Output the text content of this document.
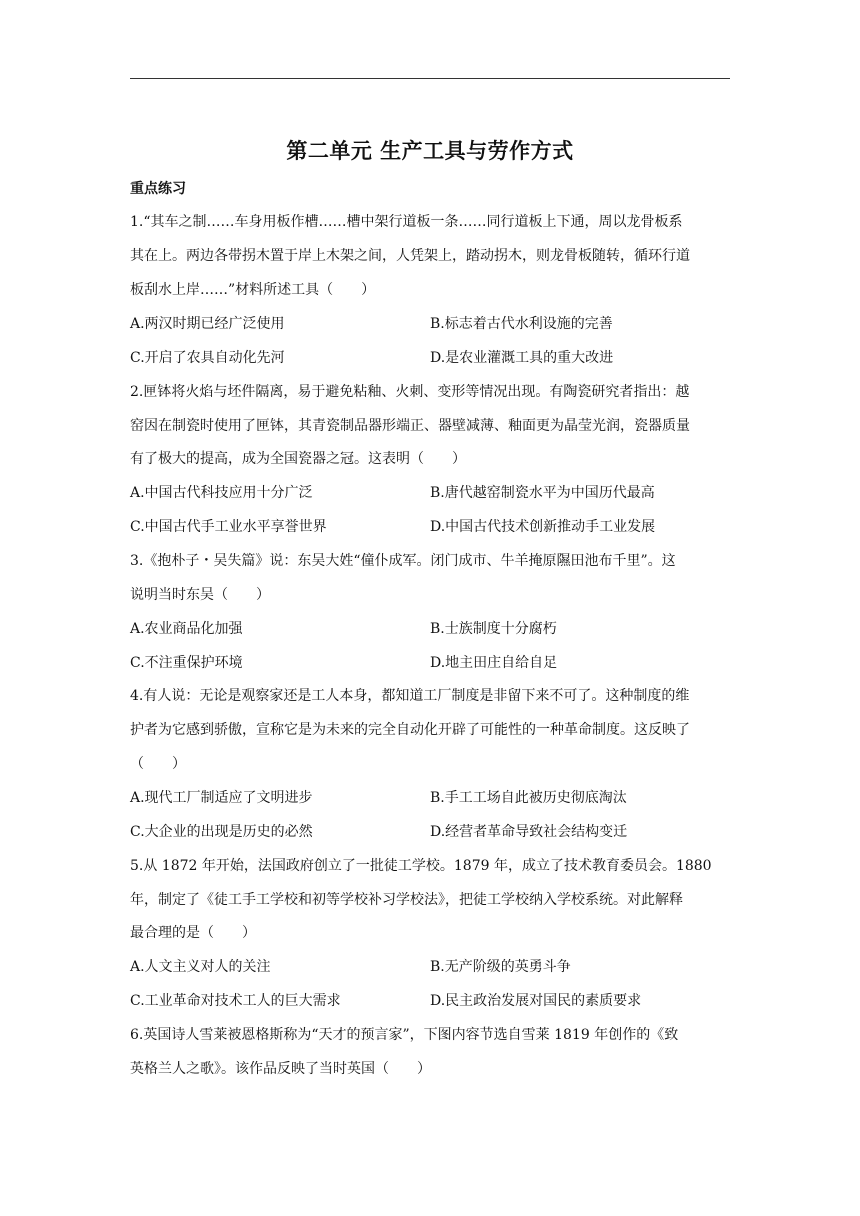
第二单元 生产工具与劳作方式
重点练习
1.“其车之制……车身用板作槽……槽中架行道板一条……同行道板上下通，周以龙骨板系
其在上。两边各带拐木置于岸上木架之间，人凭架上，踏动拐木，则龙骨板随转，循环行道
板刮水上岸……”材料所述工具（　　）
A.两汉时期已经广泛使用	B.标志着古代水利设施的完善
C.开启了农具自动化先河	D.是农业灌溉工具的重大改进
2.匣钵将火焰与坯件隔离，易于避免粘釉、火刺、变形等情况出现。有陶瓷研究者指出：越
窑因在制瓷时使用了匣钵，其青瓷制品器形端正、器壁减薄、釉面更为晶莹光润，瓷器质量
有了极大的提高，成为全国瓷器之冠。这表明（　　）
A.中国古代科技应用十分广泛	B.唐代越窑制瓷水平为中国历代最高
C.中国古代手工业水平享誉世界	D.中国古代技术创新推动手工业发展
3.《抱朴子・吴失篇》说：东吴大姓“僮仆成军。闭门成市、牛羊掩原隰田池布千里”。这
说明当时东吴（　　）
A.农业商品化加强	B.士族制度十分腐朽
C.不注重保护环境	D.地主田庄自给自足
4.有人说：无论是观察家还是工人本身，都知道工厂制度是非留下来不可了。这种制度的维
护者为它感到骄傲，宣称它是为未来的完全自动化开辟了可能性的一种革命制度。这反映了
（　　）
A.现代工厂制适应了文明进步	B.手工工场自此被历史彻底淘汰
C.大企业的出现是历史的必然	D.经营者革命导致社会结构变迁
5.从 1872 年开始，法国政府创立了一批徒工学校。1879 年，成立了技术教育委员会。1880
年，制定了《徒工手工学校和初等学校补习学校法》，把徒工学校纳入学校系统。对此解释
最合理的是（　　）
A.人文主义对人的关注	B.无产阶级的英勇斗争
C.工业革命对技术工人的巨大需求	D.民主政治发展对国民的素质要求
6.英国诗人雪莱被恩格斯称为“天才的预言家”，下图内容节选自雪莱 1819 年创作的《致
英格兰人之歌》。该作品反映了当时英国（　　）
